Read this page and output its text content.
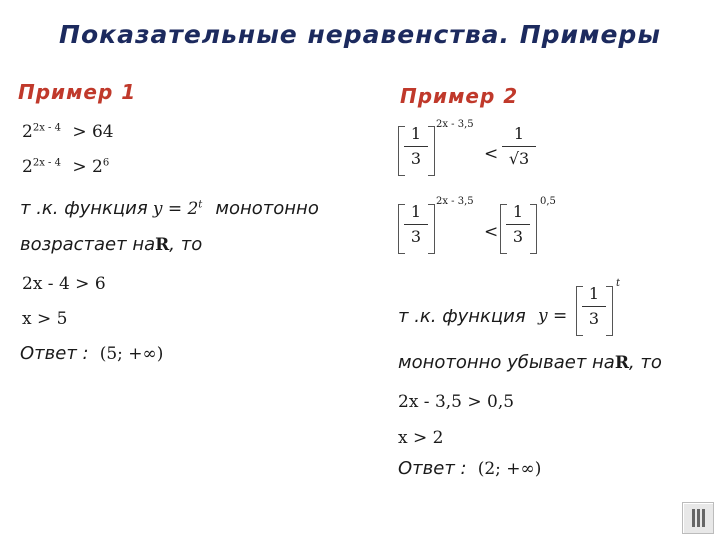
Показательные неравенства. Примеры
Пример 1
$2^{2x - 4} > 64$
$2^{2x - 4} > 2^6$
т .к. функция $y = 2^t$ монотонно
возрастает наR, то
2x - 4 > 6
x > 5
Ответ : (5; +∞)
Пример 2
1
3
2x - 3,5
<
1
√3
1
3
2x - 3,5
<
1
3
0,5
т .к. функция y =
1
3
t
монотонно убывает наR, то
2x - 3,5 > 0,5
x > 2
Ответ : (2; +∞)
